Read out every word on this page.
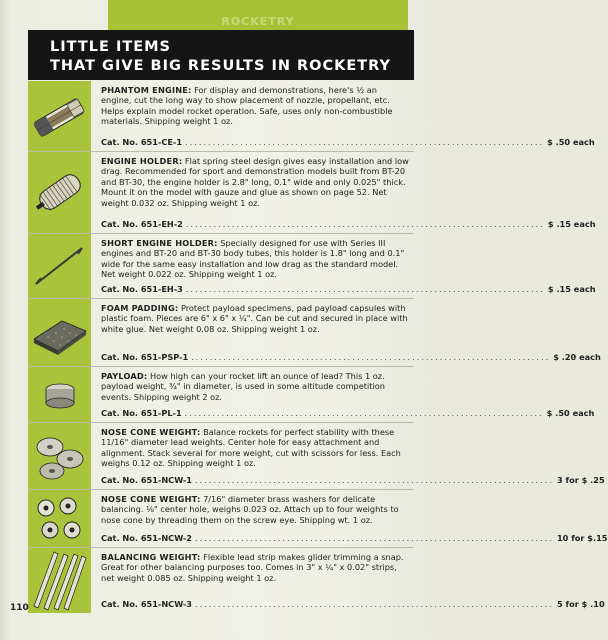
ROCKETRY
LITTLE ITEMS
THAT GIVE BIG RESULTS IN ROCKETRY
PHANTOM ENGINE: For display and demonstrations, here's ½ an engine, cut the long way to show placement of nozzle, propellant, etc. Helps explain model rocket operation. Safe, uses only non-combustible materials. Shipping weight 1 oz.
Cat. No. 651-CE-1 .............................................................................. $ .50 each
ENGINE HOLDER: Flat spring steel design gives easy installation and low drag. Recommended for sport and demonstration models built from BT-20 and BT-30, the engine holder is 2.8" long, 0.1" wide and only 0.025" thick. Mount it on the model with gauze and glue as shown on page 52. Net weight 0.032 oz. Shipping weight 1 oz.
Cat. No. 651-EH-2 .............................................................................. $ .15 each
SHORT ENGINE HOLDER: Specially designed for use with Series III engines and BT-20 and BT-30 body tubes, this holder is 1.8" long and 0.1" wide for the same easy installation and low drag as the standard model. Net weight 0.022 oz. Shipping weight 1 oz.
Cat. No. 651-EH-3 .............................................................................. $ .15 each
FOAM PADDING: Protect payload specimens, pad payload capsules with plastic foam. Pieces are 6" x 6" x ¼". Can be cut and secured in place with white glue. Net weight 0.08 oz. Shipping weight 1 oz.
Cat. No. 651-PSP-1 .............................................................................. $ .20 each
PAYLOAD: How high can your rocket lift an ounce of lead? This 1 oz. payload weight, ¾" in diameter, is used in some altitude competition events. Shipping weight 2 oz.
Cat. No. 651-PL-1 .............................................................................. $ .50 each
NOSE CONE WEIGHT: Balance rockets for perfect stability with these 11/16" diameter lead weights. Center hole for easy attachment and alignment. Stack several for more weight, cut with scissors for less. Each weighs 0.12 oz. Shipping weight 1 oz.
Cat. No. 651-NCW-1 .............................................................................. 3 for $ .25
NOSE CONE WEIGHT: 7/16" diameter brass washers for delicate balancing. ⅛" center hole, weighs 0.023 oz. Attach up to four weights to nose cone by threading them on the screw eye. Shipping wt. 1 oz.
Cat. No. 651-NCW-2 .............................................................................. 10 for $.15
BALANCING WEIGHT: Flexible lead strip makes glider trimming a snap. Great for other balancing purposes too. Comes in 3" x ¼" x 0.02" strips, net weight 0.085 oz. Shipping weight 1 oz.
Cat. No. 651-NCW-3 .............................................................................. 5 for $ .10
110
